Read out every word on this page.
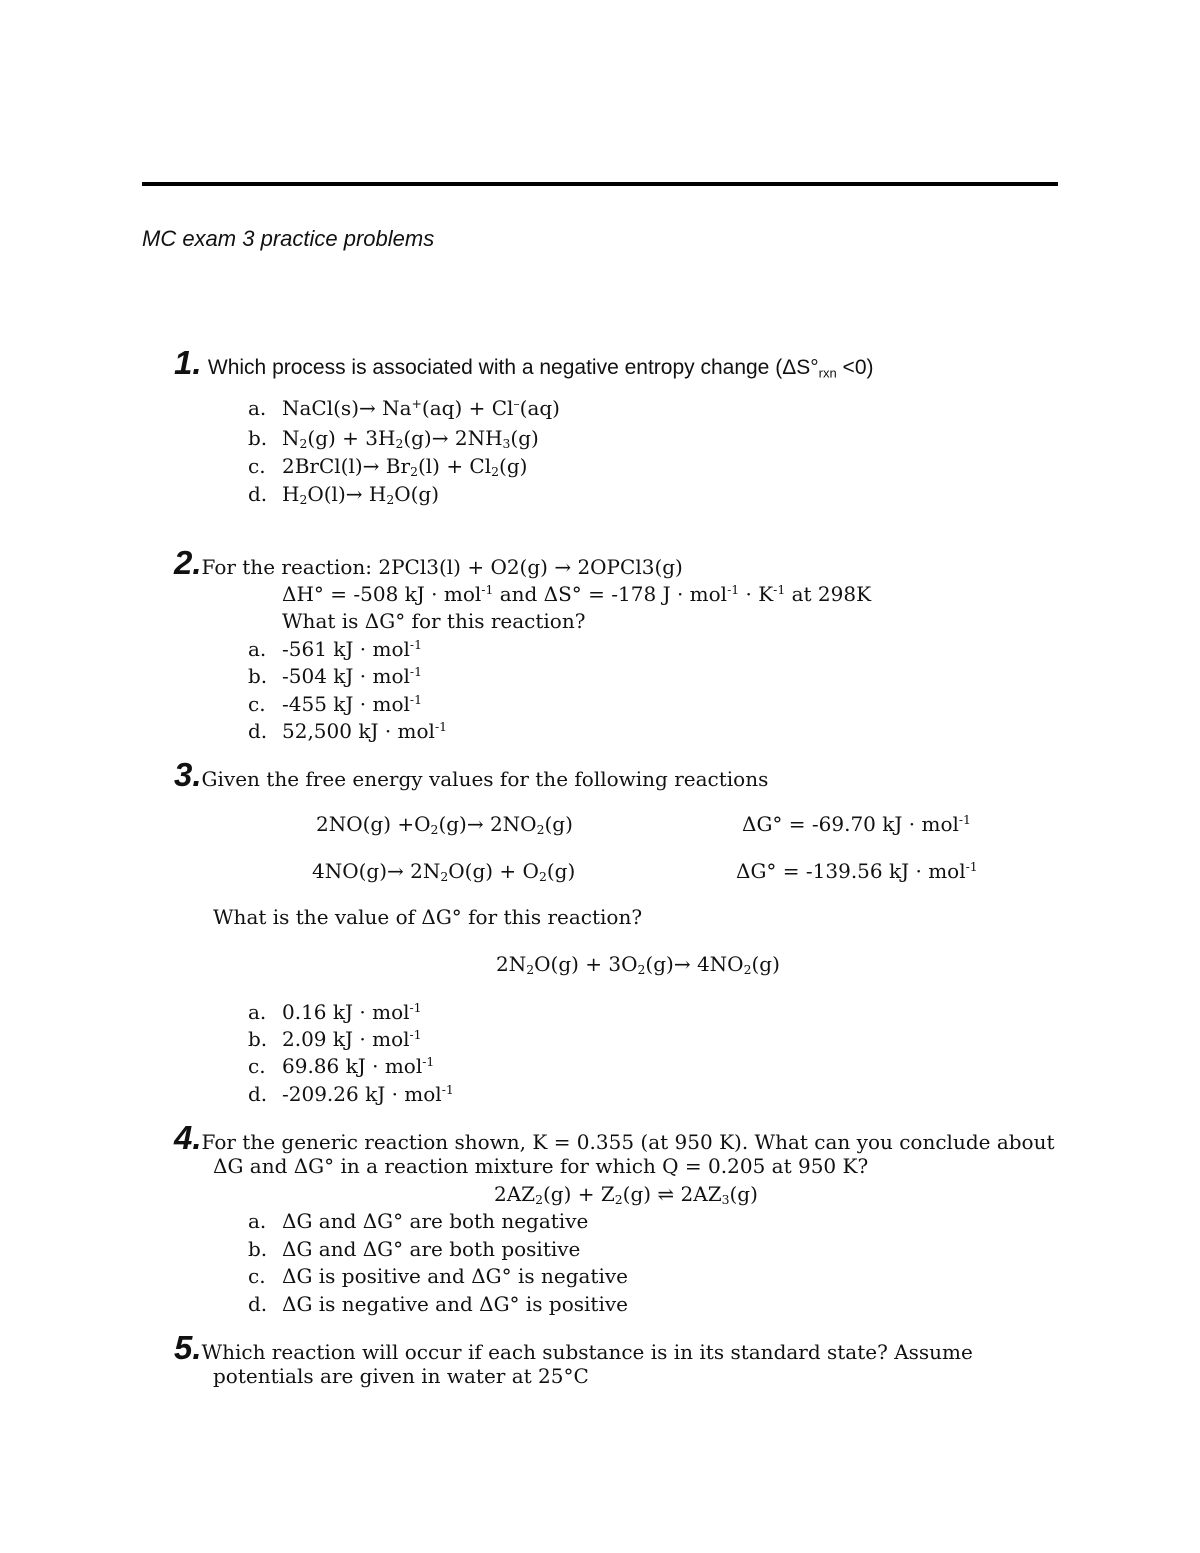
MC exam 3 practice problems
1. Which process is associated with a negative entropy change $(\Delta S^\circ_{rxn} <0)$
a. NaCl(s)→ Na+(aq) + Cl–(aq)
b. $N_2(g) + 3H_2(g)\to 2NH_3(g)$
c. 2BrCl(l)→ $Br_2(l) + Cl_2(g)$
d. $H_2O(l)\to H_2O(g)$
2.For the reaction: 2PCl3(l) + O2(g) → 2OPCl3(g)
ΔH° = -508 kJ · mol$^{-1}$ and ΔS° = -178 $J \cdot mol^{-1} \cdot K^{-1}$ at 298K
What is ΔG° for this reaction?
a. -561 kJ · mol$^{-1}$
b. -504 kJ · mol$^{-1}$
c. -455 kJ · mol$^{-1}$
d. 52,500 kJ · mol$^{-1}$
3.Given the free energy values for the following reactions
$2NO(g) +O_2(g)\to 2NO_2(g)$	ΔG° = -69.70 kJ · mol$^{-1}$
$4NO(g)\to 2N_2O(g) + O_2(g)$	ΔG° = -139.56 kJ · mol$^{-1}$
What is the value of ΔG° for this reaction?
$2N_2O(g) + 3O_2(g)\to 4NO_2(g)$
a. 0.16 kJ · mol$^{-1}$
b. 2.09 kJ · mol$^{-1}$
c. 69.86 kJ · mol$^{-1}$
d. -209.26 kJ · mol$^{-1}$
4.For the generic reaction shown, K = 0.355 (at 950 K). What can you conclude about
ΔG and ΔG° in a reaction mixture for which Q = 0.205 at 950 K?
$2AZ_2(g) + Z_2(g)$ ⇌ $2AZ_3(g)$
a. ΔG and ΔG° are both negative
b. ΔG and ΔG° are both positive
c. ΔG is positive and ΔG° is negative
d. ΔG is negative and ΔG° is positive
5.Which reaction will occur if each substance is in its standard state? Assume
potentials are given in water at 25°C
